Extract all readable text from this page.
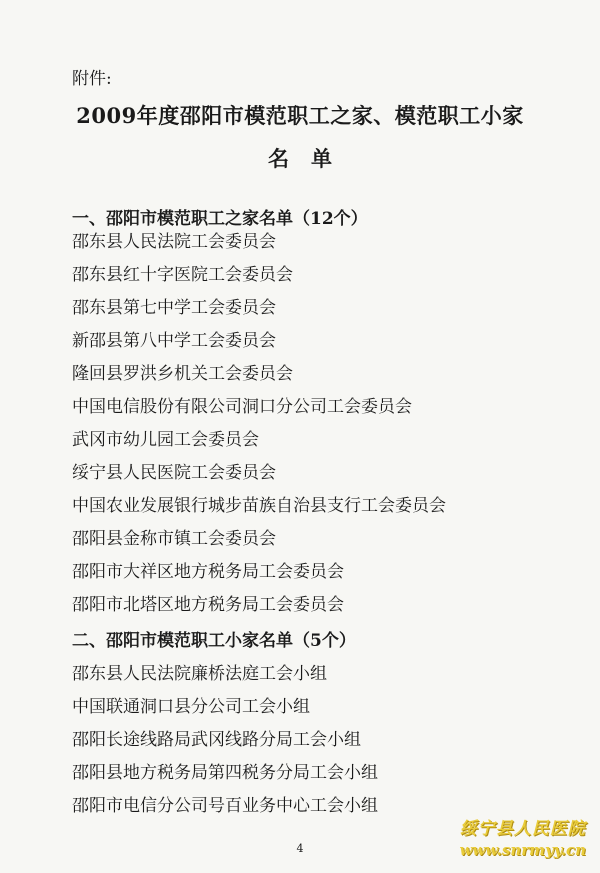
附件:
2009年度邵阳市模范职工之家、模范职工小家
名单
一、邵阳市模范职工之家名单（12个）
邵东县人民法院工会委员会
邵东县红十字医院工会委员会
邵东县第七中学工会委员会
新邵县第八中学工会委员会
隆回县罗洪乡机关工会委员会
中国电信股份有限公司洞口分公司工会委员会
武冈市幼儿园工会委员会
绥宁县人民医院工会委员会
中国农业发展银行城步苗族自治县支行工会委员会
邵阳县金称市镇工会委员会
邵阳市大祥区地方税务局工会委员会
邵阳市北塔区地方税务局工会委员会
二、邵阳市模范职工小家名单（5个）
邵东县人民法院廉桥法庭工会小组
中国联通洞口县分公司工会小组
邵阳长途线路局武冈线路分局工会小组
邵阳县地方税务局第四税务分局工会小组
邵阳市电信分公司号百业务中心工会小组
4
绥宁县人民医院
www.snrmyy.cn
